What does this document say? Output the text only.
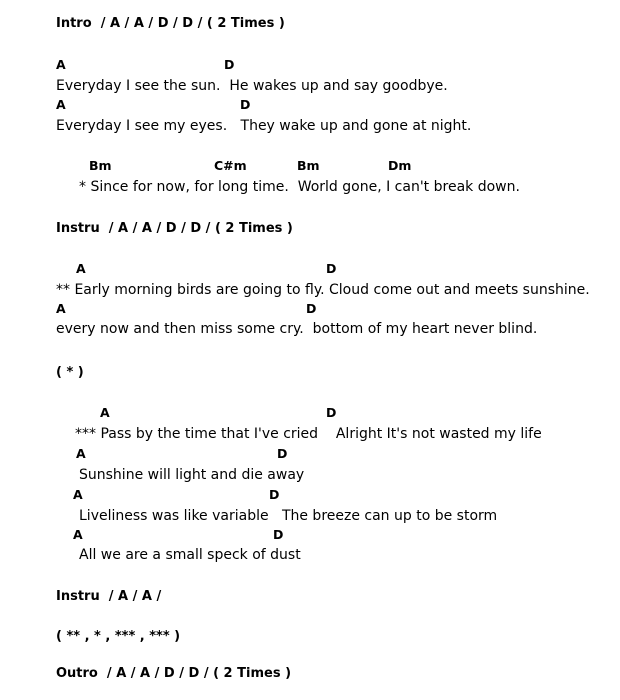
Intro  / A / A / D / D / ( 2 Times )
A	D
Everyday I see the sun.  He wakes up and say goodbye.
A	D
Everyday I see my eyes.   They wake up and gone at night.
Bm	C#m	Bm	Dm
* Since for now, for long time.  World gone, I can't break down.
Instru  / A / A / D / D / ( 2 Times )
A	D
** Early morning birds are going to fly. Cloud come out and meets sunshine.
A	D
every now and then miss some cry.  bottom of my heart never blind.
( * )
A	D
*** Pass by the time that I've cried    Alright It's not wasted my life
A	D
Sunshine will light and die away
A	D
Liveliness was like variable   The breeze can up to be storm
A	D
All we are a small speck of dust
Instru  / A / A /
( ** , * , *** , *** )
Outro  / A / A / D / D / ( 2 Times )
